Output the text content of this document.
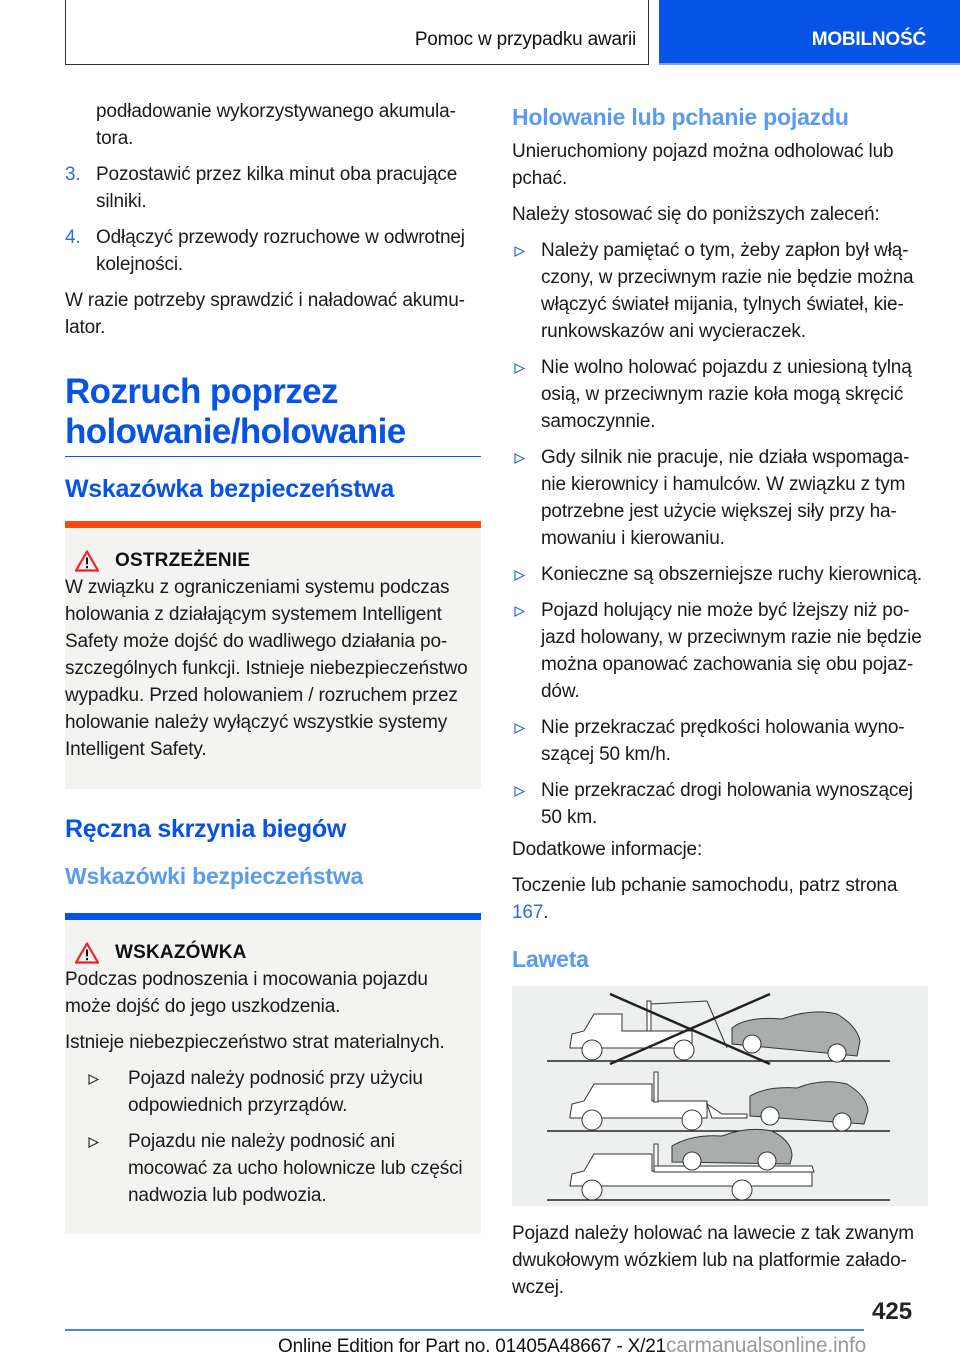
Pomoc w przypadku awarii	MOBILNOŚĆ

podładowanie wykorzystywanego akumulatora.

3. Pozostawić przez kilka minut oba pracujące silniki.
4. Odłączyć przewody rozruchowe w odwrotnej kolejności.

W razie potrzeby sprawdzić i naładować akumulator.

Rozruch poprzez holowanie/holowanie
Wskazówka bezpieczeństwa
OSTRZEŻENIE

W związku z ograniczeniami systemu podczas holowania z działającym systemem Intelligent Safety może dojść do wadliwego działania poszczególnych funkcji. Istnieje niebezpieczeństwo wypadku. Przed holowaniem / rozruchem przez holowanie należy wyłączyć wszystkie systemy Intelligent Safety.

Ręczna skrzynia biegów
Wskazówki bezpieczeństwa
WSKAZÓWKA

Podczas podnoszenia i mocowania pojazdu może dojść do jego uszkodzenia.

Istnieje niebezpieczeństwo strat materialnych.

Pojazd należy podnosić przy użyciu odpowiednich przyrządów.
Pojazdu nie należy podnosić ani mocować za ucho holownicze lub części nadwozia lub podwozia.
Holowanie lub pchanie pojazdu

Unieruchomiony pojazd można odholować lub pchać.

Należy stosować się do poniższych zaleceń:

Należy pamiętać o tym, żeby zapłon był włączony, w przeciwnym razie nie będzie można włączyć świateł mijania, tylnych świateł, kierunkowskazów ani wycieraczek.
Nie wolno holować pojazdu z uniesioną tylną osią, w przeciwnym razie koła mogą skręcić samoczynnie.
Gdy silnik nie pracuje, nie działa wspomaganie kierownicy i hamulców. W związku z tym potrzebne jest użycie większej siły przy hamowaniu i kierowaniu.
Konieczne są obszerniejsze ruchy kierownicą.
Pojazd holujący nie może być lżejszy niż pojazd holowany, w przeciwnym razie nie będzie można opanować zachowania się obu pojazdów.
Nie przekraczać prędkości holowania wynoszącej 50 km/h.
Nie przekraczać drogi holowania wynoszącej 50 km.

Dodatkowe informacje:

Toczenie lub pchanie samochodu, patrz strona 167.

Laweta

Pojazd należy holować na lawecie z tak zwanym dwukołowym wózkiem lub na platformie załadowczej.

425
Online Edition for Part no. 01405A48667 - X/21carmanualsonline.info
